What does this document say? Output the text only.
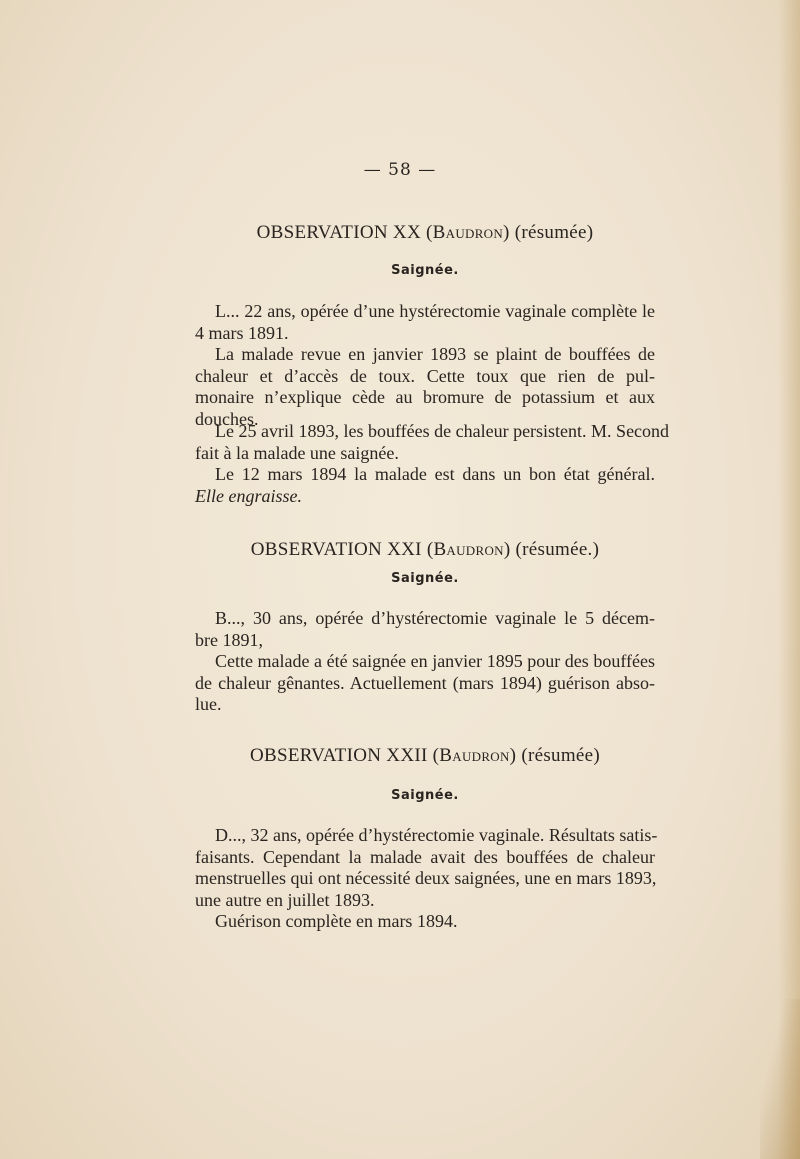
— 58 —
OBSERVATION XX (Baudron) (résumée)
Saignée.
L... 22 ans, opérée d’une hystérectomie vaginale complète le
4 mars 1891.
La malade revue en janvier 1893 se plaint de bouffées de
chaleur et d’accès de toux. Cette toux que rien de pul-
monaire n’explique cède au bromure de potassium et aux
douches.
Le 25 avril 1893, les bouffées de chaleur persistent. M. Second
fait à la malade une saignée.
Le 12 mars 1894 la malade est dans un bon état général.
Elle engraisse.
OBSERVATION XXI (Baudron) (résumée.)
Saignée.
B..., 30 ans, opérée d’hystérectomie vaginale le 5 décem-
bre 1891,
Cette malade a été saignée en janvier 1895 pour des bouffées
de chaleur gênantes. Actuellement (mars 1894) guérison abso-
lue.
OBSERVATION XXII (Baudron) (résumée)
Saignée.
D..., 32 ans, opérée d’hystérectomie vaginale. Résultats satis-
faisants. Cependant la malade avait des bouffées de chaleur
menstruelles qui ont nécessité deux saignées, une en mars 1893,
une autre en juillet 1893.
Guérison complète en mars 1894.
